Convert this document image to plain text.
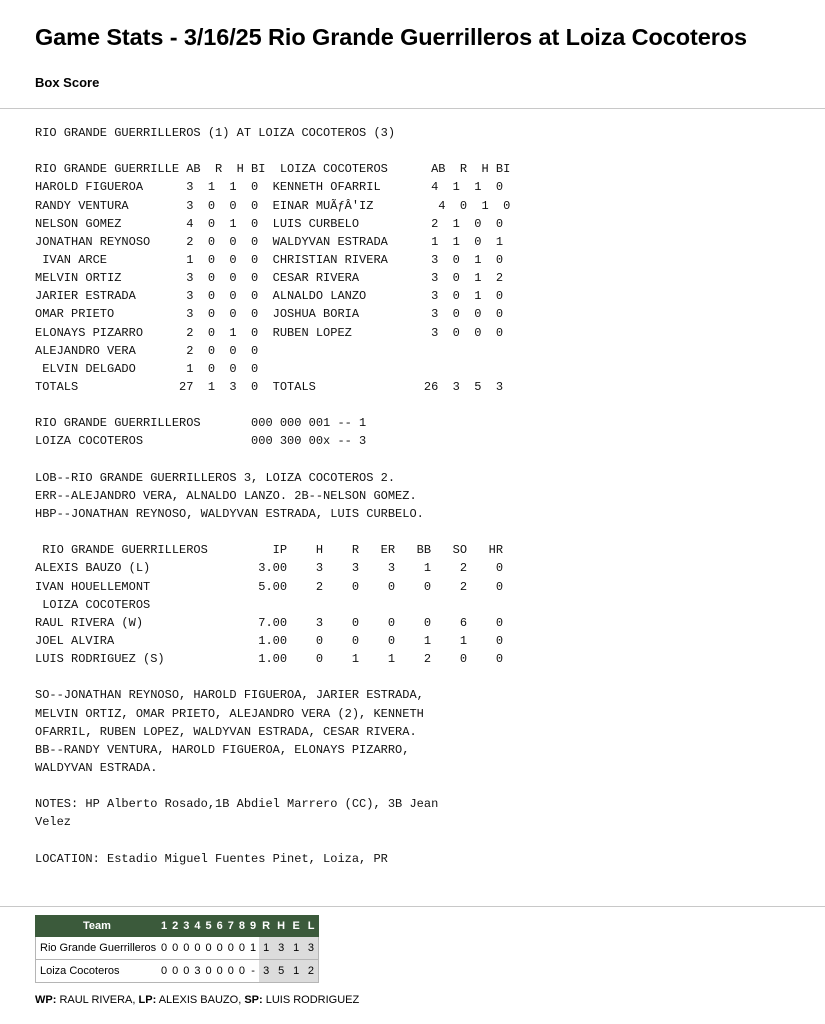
Game Stats - 3/16/25 Rio Grande Guerrilleros at Loiza Cocoteros
Box Score
RIO GRANDE GUERRILLEROS (1) AT LOIZA COCOTEROS (3)
RIO GRANDE GUERRILLE AB  R  H BI  LOIZA COCOTEROS      AB  R  H BI
HAROLD FIGUEROA      3  1  1  0  KENNETH OFARRIL       4  1  1  0
RANDY VENTURA        3  0  0  0  EINAR MUÃƒÂ'IZ         4  0  1  0
NELSON GOMEZ         4  0  1  0  LUIS CURBELO          2  1  0  0
JONATHAN REYNOSO     2  0  0  0  WALDYVAN ESTRADA      1  1  0  1
IVAN ARCE           1  0  0  0  CHRISTIAN RIVERA      3  0  1  0
MELVIN ORTIZ         3  0  0  0  CESAR RIVERA          3  0  1  2
JARIER ESTRADA       3  0  0  0  ALNALDO LANZO         3  0  1  0
OMAR PRIETO          3  0  0  0  JOSHUA BORIA          3  0  0  0
ELONAYS PIZARRO      2  0  1  0  RUBEN LOPEZ           3  0  0  0
ALEJANDRO VERA       2  0  0  0
ELVIN DELGADO       1  0  0  0
TOTALS              27  1  3  0  TOTALS               26  3  5  3
RIO GRANDE GUERRILLEROS       000 000 001 -- 1
LOIZA COCOTEROS               000 300 00x -- 3
LOB--RIO GRANDE GUERRILLEROS 3, LOIZA COCOTEROS 2.
ERR--ALEJANDRO VERA, ALNALDO LANZO. 2B--NELSON GOMEZ.
HBP--JONATHAN REYNOSO, WALDYVAN ESTRADA, LUIS CURBELO.
RIO GRANDE GUERRILLEROS         IP    H    R   ER   BB   SO   HR
ALEXIS BAUZO (L)               3.00    3    3    3    1    2    0
IVAN HOUELLEMONT               5.00    2    0    0    0    2    0
LOIZA COCOTEROS
RAUL RIVERA (W)                7.00    3    0    0    0    6    0
JOEL ALVIRA                    1.00    0    0    0    1    1    0
LUIS RODRIGUEZ (S)             1.00    0    1    1    2    0    0
SO--JONATHAN REYNOSO, HAROLD FIGUEROA, JARIER ESTRADA,
MELVIN ORTIZ, OMAR PRIETO, ALEJANDRO VERA (2), KENNETH
OFARRIL, RUBEN LOPEZ, WALDYVAN ESTRADA, CESAR RIVERA.
BB--RANDY VENTURA, HAROLD FIGUEROA, ELONAYS PIZARRO,
WALDYVAN ESTRADA.
NOTES: HP Alberto Rosado,1B Abdiel Marrero (CC), 3B Jean
Velez
LOCATION: Estadio Miguel Fuentes Pinet, Loiza, PR
Team	1	2	3	4	5	6	7	8	9	R	H	E	L
Rio Grande Guerrilleros	0	0	0	0	0	0	0	0	1	1	3	1	3
Loiza Cocoteros	0	0	0	3	0	0	0	0	-	3	5	1	2
WP: RAUL RIVERA, LP: ALEXIS BAUZO, SP: LUIS RODRIGUEZ
